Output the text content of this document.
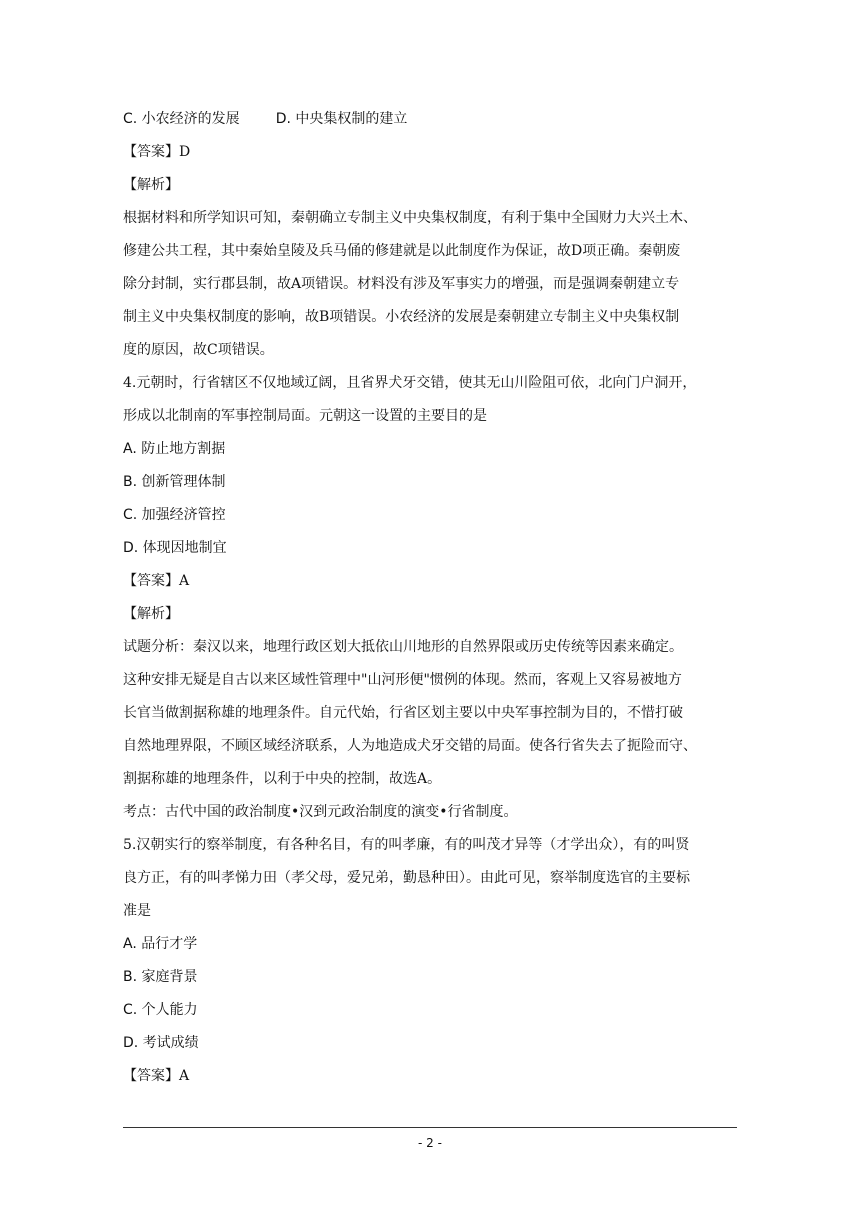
C. 小农经济的发展	D. 中央集权制的建立
【答案】D
【解析】
根据材料和所学知识可知，秦朝确立专制主义中央集权制度，有利于集中全国财力大兴土木、
修建公共工程，其中秦始皇陵及兵马俑的修建就是以此制度作为保证，故D项正确。秦朝废
除分封制，实行郡县制，故A项错误。材料没有涉及军事实力的增强，而是强调秦朝建立专
制主义中央集权制度的影响，故B项错误。小农经济的发展是秦朝建立专制主义中央集权制
度的原因，故C项错误。
4.元朝时，行省辖区不仅地域辽阔，且省界犬牙交错，使其无山川险阻可依，北向门户洞开，
形成以北制南的军事控制局面。元朝这一设置的主要目的是
A. 防止地方割据
B. 创新管理体制
C. 加强经济管控
D. 体现因地制宜
【答案】A
【解析】
试题分析：秦汉以来，地理行政区划大抵依山川地形的自然界限或历史传统等因素来确定。
这种安排无疑是自古以来区域性管理中"山河形便"惯例的体现。然而，客观上又容易被地方
长官当做割据称雄的地理条件。自元代始，行省区划主要以中央军事控制为目的，不惜打破
自然地理界限，不顾区域经济联系，人为地造成犬牙交错的局面。使各行省失去了扼险而守、
割据称雄的地理条件，以利于中央的控制，故选A。
考点：古代中国的政治制度•汉到元政治制度的演变•行省制度。
5.汉朝实行的察举制度，有各种名目，有的叫孝廉，有的叫茂才异等（才学出众），有的叫贤
良方正，有的叫孝悌力田（孝父母，爱兄弟，勤恳种田）。由此可见，察举制度选官的主要标
准是
A. 品行才学
B. 家庭背景
C. 个人能力
D. 考试成绩
【答案】A
- 2 -
